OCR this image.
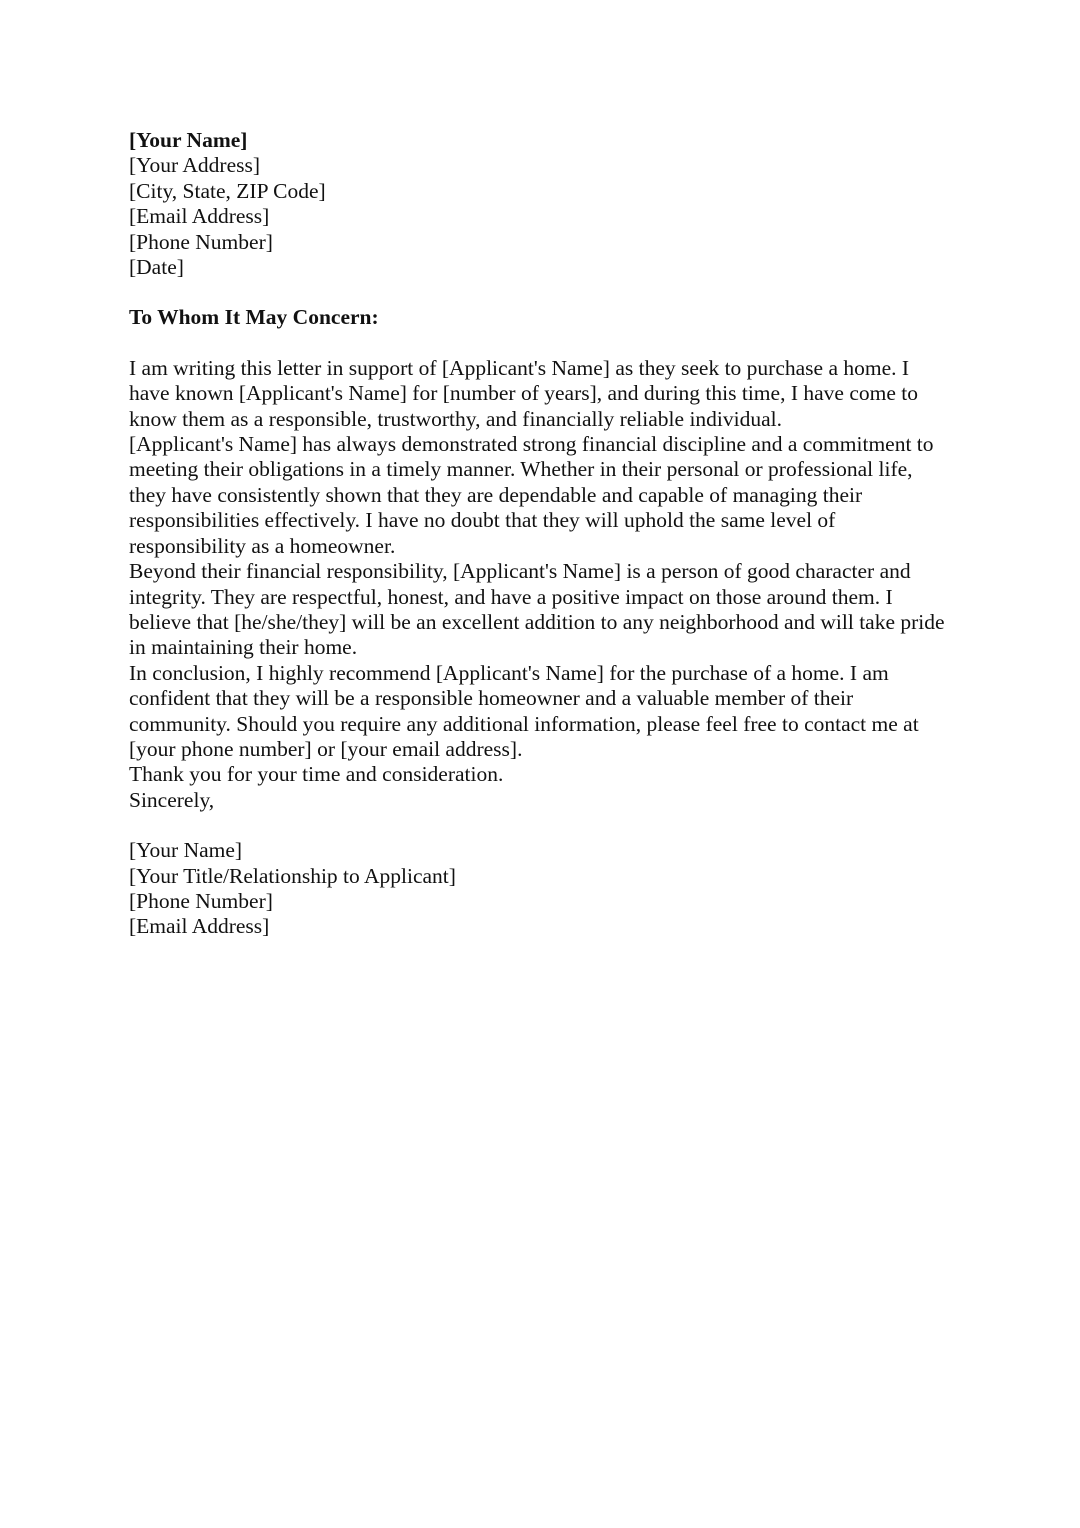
[Your Name]
[Your Address]
[City, State, ZIP Code]
[Email Address]
[Phone Number]
[Date]
To Whom It May Concern:

I am writing this letter in support of [Applicant's Name] as they seek to purchase a home. I have known [Applicant's Name] for [number of years], and during this time, I have come to know them as a responsible, trustworthy, and financially reliable individual.

[Applicant's Name] has always demonstrated strong financial discipline and a commitment to meeting their obligations in a timely manner. Whether in their personal or professional life, they have consistently shown that they are dependable and capable of managing their responsibilities effectively. I have no doubt that they will uphold the same level of responsibility as a homeowner.

Beyond their financial responsibility, [Applicant's Name] is a person of good character and integrity. They are respectful, honest, and have a positive impact on those around them. I believe that [he/she/they] will be an excellent addition to any neighborhood and will take pride in maintaining their home.

In conclusion, I highly recommend [Applicant's Name] for the purchase of a home. I am confident that they will be a responsible homeowner and a valuable member of their community. Should you require any additional information, please feel free to contact me at [your phone number] or [your email address].

Thank you for your time and consideration.

Sincerely,
[Your Name]
[Your Title/Relationship to Applicant]
[Phone Number]
[Email Address]
